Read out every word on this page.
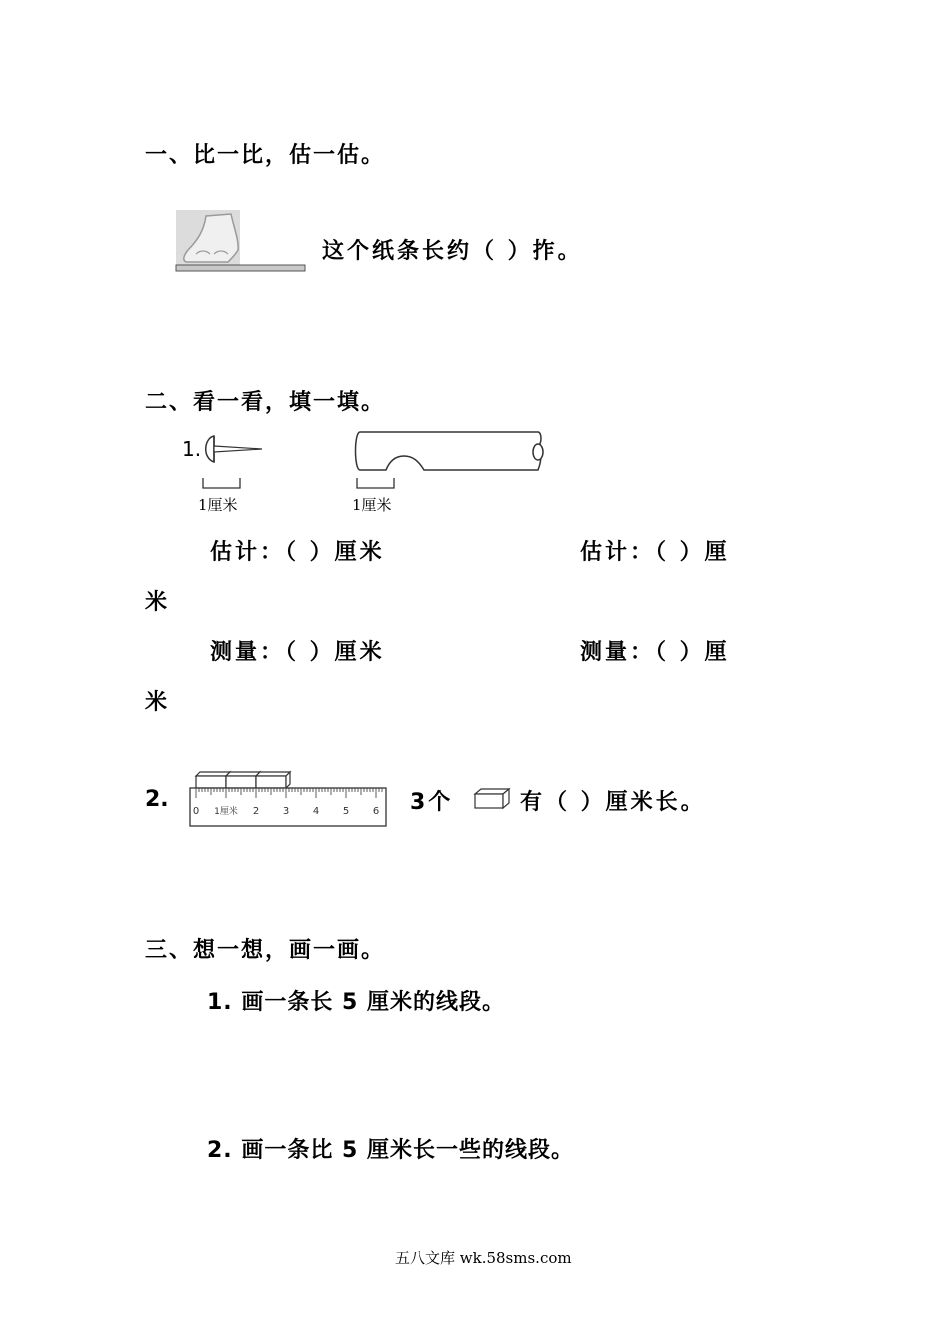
一、比一比，估一估。
这个纸条长约（ ）拃。
二、看一看，填一填。
1.
1厘米	1厘米
估计：（ ）厘米	估计：（ ）厘
米
测量：（ ）厘米	测量：（ ）厘
米
2. 0 1厘米 2 3 4 5 6 3个	有（ ）厘米长。
三、想一想，画一画。
1. 画一条长 5 厘米的线段。
2. 画一条比 5 厘米长一些的线段。
五八文库 wk.58sms.com
